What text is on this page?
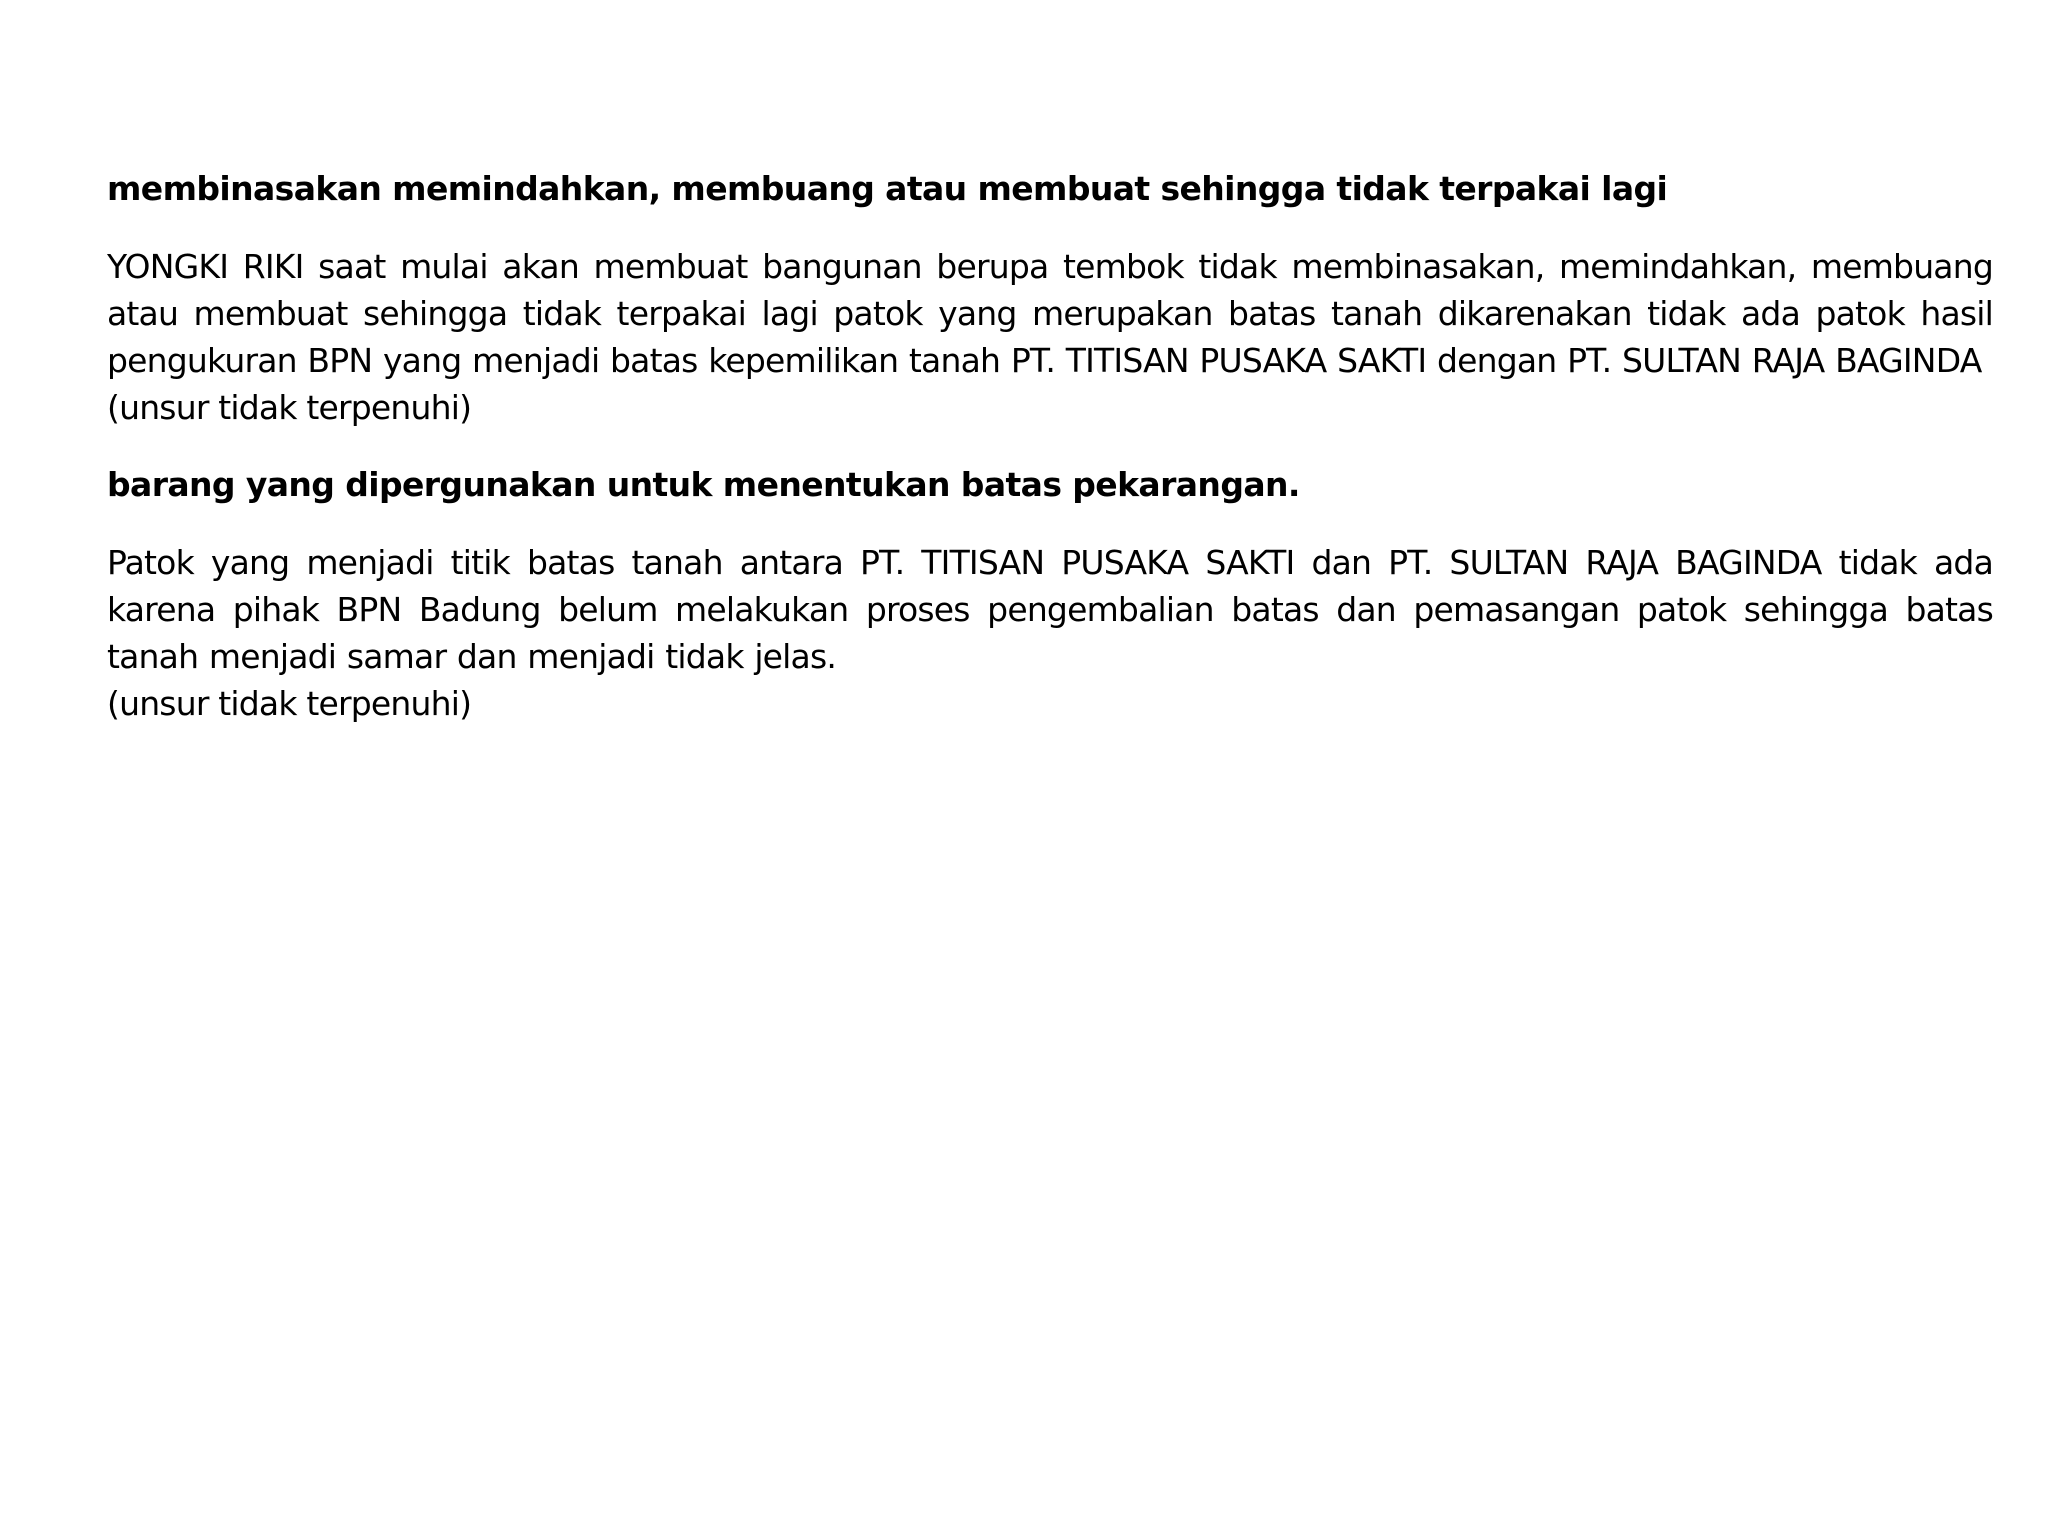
membinasakan memindahkan, membuang atau membuat sehingga tidak terpakai lagi

YONGKI RIKI saat mulai akan membuat bangunan berupa tembok tidak membinasakan, memindahkan, membuang atau membuat sehingga tidak terpakai lagi patok yang merupakan batas tanah dikarenakan tidak ada patok hasil pengukuran BPN yang menjadi batas kepemilikan tanah PT. TITISAN PUSAKA SAKTI dengan PT. SULTAN RAJA BAGINDA

(unsur tidak terpenuhi)

barang yang dipergunakan untuk menentukan batas pekarangan.

Patok yang menjadi titik batas tanah antara PT. TITISAN PUSAKA SAKTI dan PT. SULTAN RAJA BAGINDA tidak ada karena pihak BPN Badung belum melakukan proses pengembalian batas dan pemasangan patok sehingga batas tanah menjadi samar dan menjadi tidak jelas.

(unsur tidak terpenuhi)
